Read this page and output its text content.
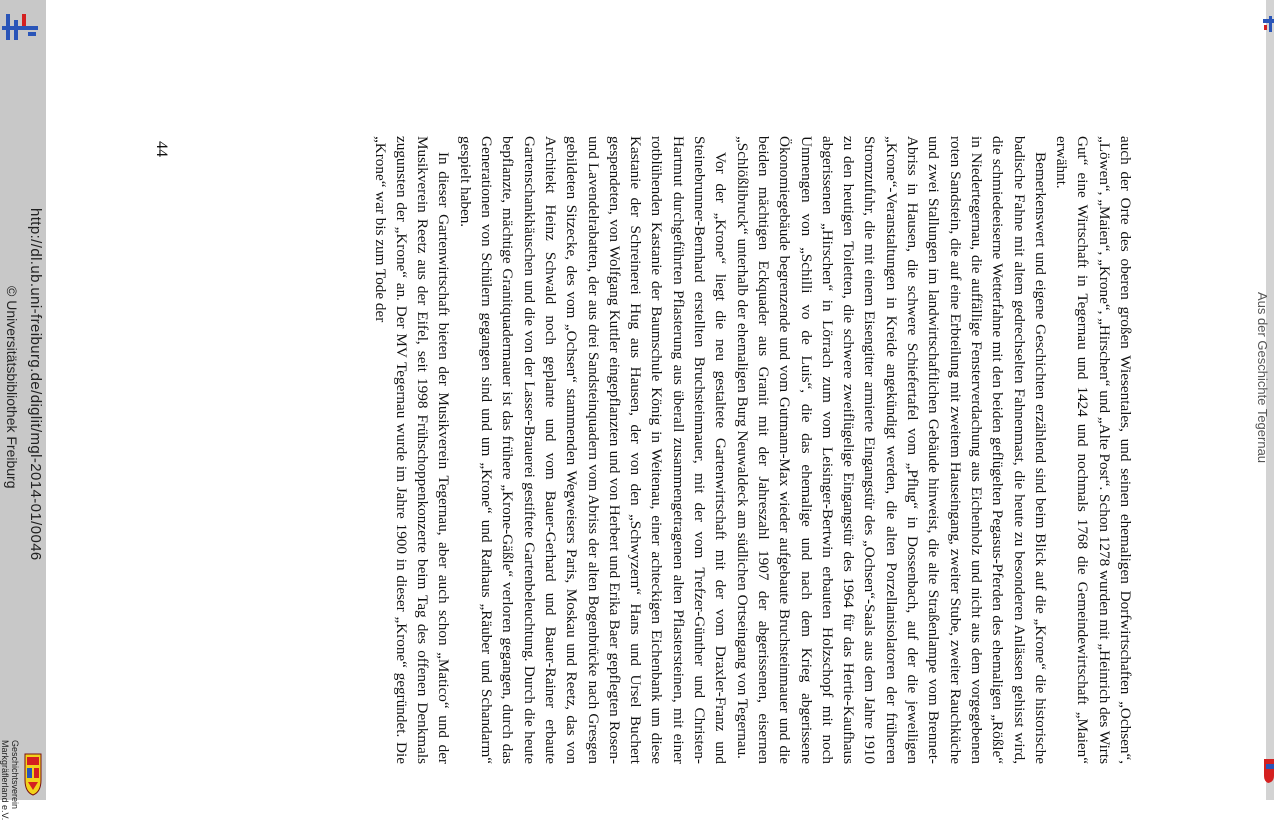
http://dl.ub.uni-freiburg.de/diglit/mgl-2014-01/0046
© Universitätsbibliothek Freiburg
Geschichtsverein
Markgräflerland e.V.
Aus der Geschichte Tegernau
44	auch der Orte des oberen großen Wiesentales, und seinen ehemaligen Dorfwirtschaften „Ochsen“, „Löwen“, „Maien“, „Krone“, „Hirschen“ und „Alte Post“. Schon 1278 wurden mit „Heinrich des Wirts Gut“ eine Wirtschaft in Tegernau und 1424 und nochmals 1768 die Gemeindewirtschaft „Maien“ erwähnt.

Bemerkenswert und eigene Geschichten erzählend sind beim Blick auf die „Krone“ die historische badische Fahne mit altem gedrechselten Fahnenmast, die heute zu besonderen Anlässen gehisst wird, die schmiedeeiserne Wetterfahne mit den beiden geflügelten Pegasus-Pferden des ehemaligen „Rößle“ in Niedertegernau, die auffällige Fensterverdachung aus Eichenholz und nicht aus dem vorgegebenen roten Sandstein, die auf eine Erbteilung mit zweitem Hauseingang, zweiter Stube, zweiter Rauchküche und zwei Stallungen im landwirtschaftlichen Gebäude hinweist, die alte Straßenlampe vom Brennet-Abriss in Hausen, die schwere Schiefertafel vom „Pflug“ in Dossenbach, auf der die jeweiligen „Krone“-Veranstaltungen in Kreide angekündigt werden, die alten Porzellanisolatoren der früheren Stromzufuhr, die mit einem Eisengitter armierte Eingangstür des „Ochsen“-Saals aus dem Jahre 1910 zu den heutigen Toiletten, die schwere zweiflügelige Eingangstür des 1964 für das Hertie-Kaufhaus abgerissenen „Hirschen“ in Lörrach zum vom Leisinger-Bertwin erbauten Holzschopf mit noch Unmengen von „Schilli vo de Luis“, die das ehemalige und nach dem Krieg abgerissene Ökonomiegebäude begrenzende und vom Gutmann-Max wieder aufgebaute Bruchsteinmauer und die beiden mächtigen Eckquader aus Granit mit der Jahreszahl 1907 der abgerissenen, eisernen „Schlößlibruck“ unterhalb der ehemaligen Burg Neuwaldeck am südlichen Ortseingang von Tegernau.

Vor der „Krone“ liegt die neu gestaltete Gartenwirtschaft mit der vom Draxler-Franz und Steinebrunner-Bernhard erstellten Bruchsteinmauer, mit der vom Trefzer-Günther und Christen-Hartmut durchgeführten Pflasterung aus überall zusammengetragenen alten Pflastersteinen, mit einer rotblühenden Kastanie der Baumschule König in Weitenau, einer achteckigen Eichenbank um diese Kastanie der Schreinerei Hug aus Hausen, der von den „Schwyzern“ Hans und Ursel Buchert gespendeten, von Wolfgang Kuttler eingepflanzten und von Herbert und Erika Baer gepflegten Rosen- und Lavendelrabatten, der aus drei Sandsteinquadern vom Abriss der alten Bogenbrücke nach Gresgen gebildeten Sitzecke, des vom „Ochsen“ stammenden Wegweisers Paris, Moskau und Reetz, das von Architekt Heinz Schwald noch geplante und vom Bauer-Gerhard und Bauer-Rainer erbaute Gartenschankhäuschen und die von der Lasser-Brauerei gestiftete Gartenbeleuchtung. Durch die heute bepflanzte, mächtige Granitquadermauer ist das frühere „Krone-Gäßle“ verloren gegangen, durch das Generationen von Schülern gegangen sind und um „Krone“ und Rathaus „Räuber und Schandarm“ gespielt haben.

In dieser Gartenwirtschaft bieten der Musikverein Tegernau, aber auch schon „Matico“ und der Musikverein Reetz aus der Eifel, seit 1998 Frühschoppenkonzerte beim Tag des offenen Denkmals zugunsten der „Krone“ an. Der MV Tegernau wurde im Jahre 1900 in dieser „Krone“ gegründet. Die „Krone“ war bis zum Tode der
